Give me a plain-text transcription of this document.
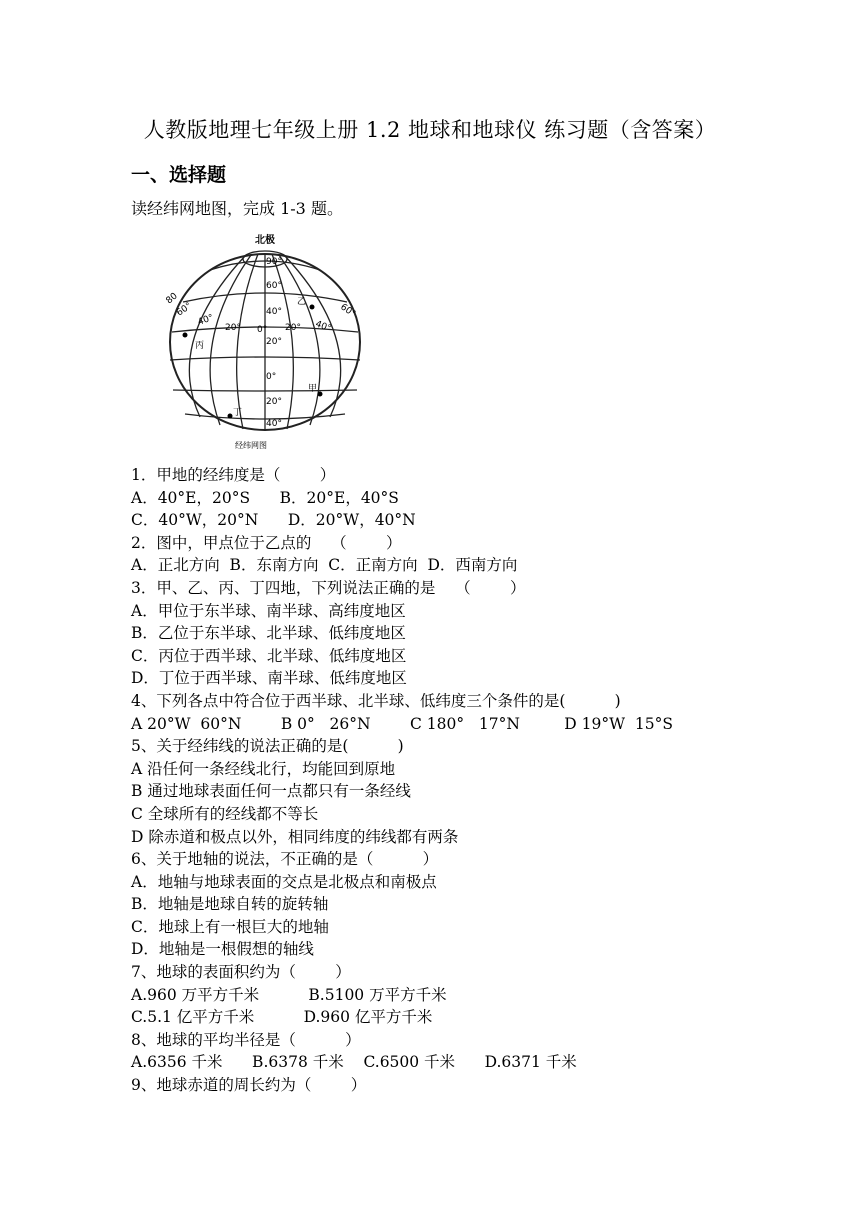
人教版地理七年级上册 1.2 地球和地球仪 练习题（含答案）
一、选择题
读经纬网地图，完成 1-3 题。
北极
90°
60°
40°
20°
0°
20°
40°
80
60°
40°
20° 0° 20° 40°
60°
乙
丙
甲
丁
经纬网图
1．甲地的经纬度是（        ）
A．40°E，20°S      B．20°E，40°S
C．40°W，20°N      D．20°W，40°N
2．图中，甲点位于乙点的    （        ）
A．正北方向  B．东南方向  C．正南方向  D．西南方向
3．甲、乙、丙、丁四地，下列说法正确的是    （        ）
A．甲位于东半球、南半球、高纬度地区
B．乙位于东半球、北半球、低纬度地区
C．丙位于西半球、北半球、低纬度地区
D．丁位于西半球、南半球、低纬度地区
4、下列各点中符合位于西半球、北半球、低纬度三个条件的是(          )
A 20°W  60°N        B 0°   26°N        C 180°   17°N         D 19°W  15°S
5、关于经纬线的说法正确的是(          )
A 沿任何一条经线北行，均能回到原地
B 通过地球表面任何一点都只有一条经线
C 全球所有的经线都不等长
D 除赤道和极点以外，相同纬度的纬线都有两条
6、关于地轴的说法，不正确的是（          ）
A．地轴与地球表面的交点是北极点和南极点
B．地轴是地球自转的旋转轴
C．地球上有一根巨大的地轴
D．地轴是一根假想的轴线
7、地球的表面积约为（        ）
A.960 万平方千米          B.5100 万平方千米
C.5.1 亿平方千米          D.960 亿平方千米
8、地球的平均半径是（          ）
A.6356 千米      B.6378 千米    C.6500 千米      D.6371 千米
9、地球赤道的周长约为（        ）
